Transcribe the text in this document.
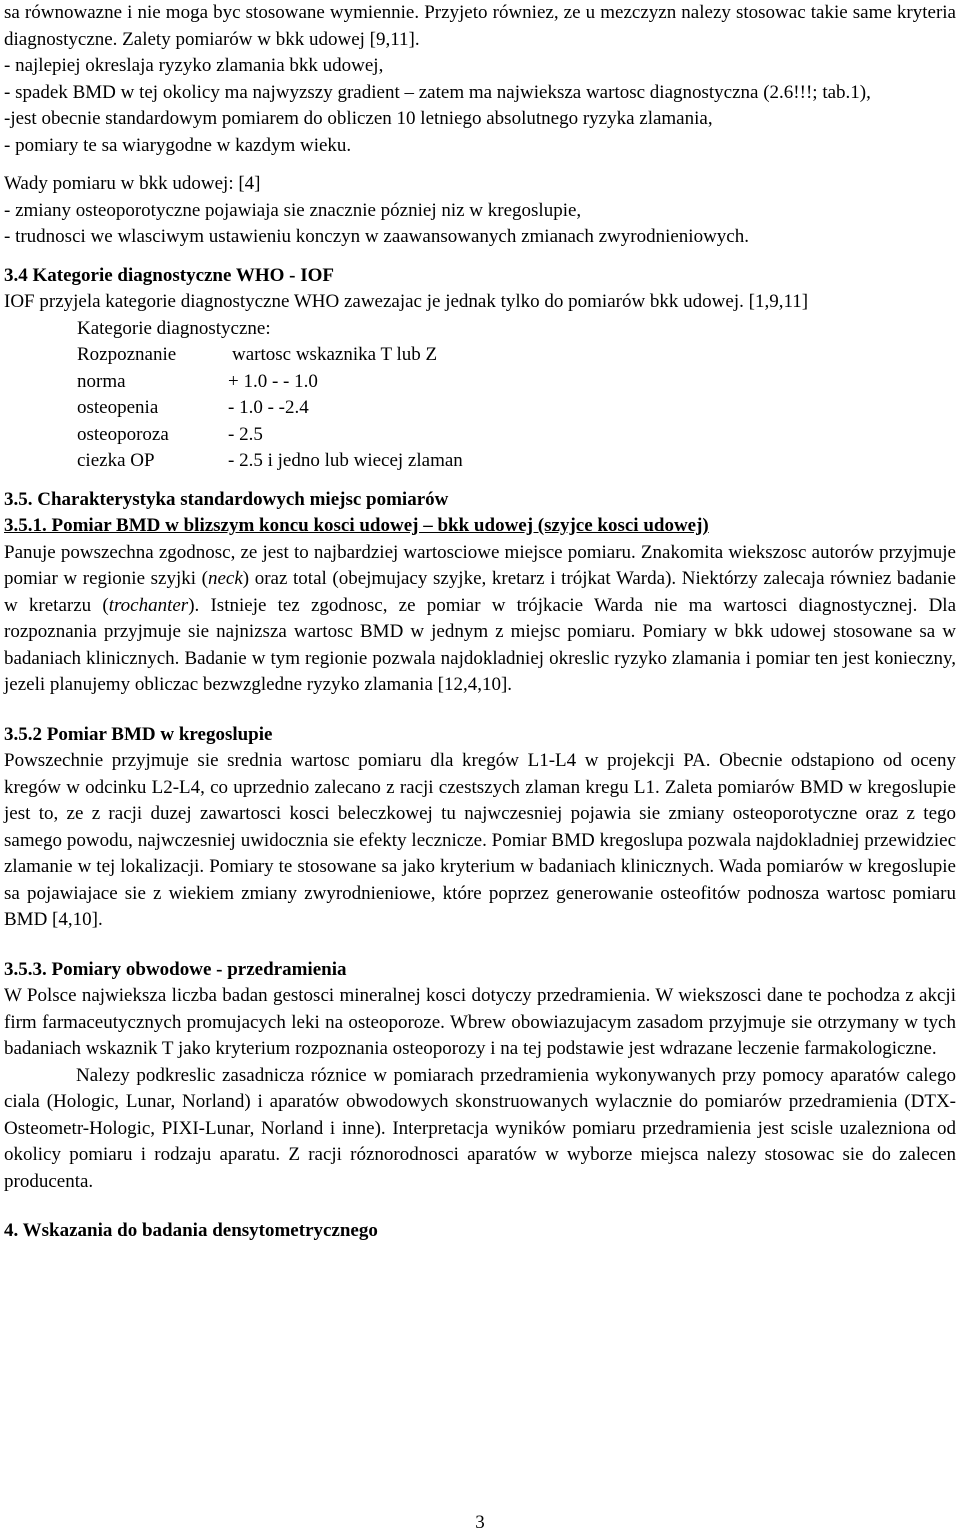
sa równowazne i nie moga byc stosowane wymiennie. Przyjeto równiez, ze u mezczyzn nalezy stosowac takie same kryteria diagnostyczne. Zalety pomiarów w bkk udowej [9,11].

- najlepiej okreslaja ryzyko zlamania bkk udowej,

- spadek BMD w tej okolicy ma najwyzszy gradient – zatem ma najwieksza wartosc diagnostyczna (2.6!!!; tab.1),

-jest obecnie standardowym pomiarem do obliczen 10 letniego absolutnego ryzyka zlamania,

- pomiary te sa wiarygodne w kazdym wieku.

Wady pomiaru w bkk udowej: [4]

- zmiany osteoporotyczne pojawiaja sie znacznie pózniej niz w kregoslupie,

- trudnosci we wlasciwym ustawieniu konczyn w zaawansowanych zmianach zwyrodnieniowych.

3.4 Kategorie diagnostyczne WHO - IOF

IOF przyjela kategorie diagnostyczne WHO zawezajac je jednak tylko do pomiarów bkk udowej. [1,9,11]

Kategorie diagnostyczne:
Rozpoznanie	wartosc wskaznika T lub Z
norma	+ 1.0 - - 1.0
osteopenia	- 1.0 - -2.4
osteoporoza	- 2.5
ciezka OP	- 2.5 i jedno lub wiecej zlaman

3.5. Charakterystyka standardowych miejsc pomiarów

3.5.1. Pomiar BMD w blizszym koncu kosci udowej – bkk udowej (szyjce kosci udowej)

Panuje powszechna zgodnosc, ze jest to najbardziej wartosciowe miejsce pomiaru. Znakomita wiekszosc autorów przyjmuje pomiar w regionie szyjki (neck) oraz total (obejmujacy szyjke, kretarz i trójkat Warda). Niektórzy zalecaja równiez badanie w kretarzu (trochanter). Istnieje tez zgodnosc, ze pomiar w trójkacie Warda nie ma wartosci diagnostycznej. Dla rozpoznania przyjmuje sie najnizsza wartosc BMD w jednym z miejsc pomiaru. Pomiary w bkk udowej stosowane sa w badaniach klinicznych. Badanie w tym regionie pozwala najdokladniej okreslic ryzyko zlamania i pomiar ten jest konieczny, jezeli planujemy obliczac bezwzgledne ryzyko zlamania [12,4,10].

3.5.2 Pomiar BMD w kregoslupie

Powszechnie przyjmuje sie srednia wartosc pomiaru dla kregów L1-L4 w projekcji PA. Obecnie odstapiono od oceny kregów w odcinku L2-L4, co uprzednio zalecano z racji czestszych zlaman kregu L1. Zaleta pomiarów BMD w kregoslupie jest to, ze z racji duzej zawartosci kosci beleczkowej tu najwczesniej pojawia sie zmiany osteoporotyczne oraz z tego samego powodu, najwczesniej uwidocznia sie efekty lecznicze. Pomiar BMD kregoslupa pozwala najdokladniej przewidziec zlamanie w tej lokalizacji. Pomiary te stosowane sa jako kryterium w badaniach klinicznych. Wada pomiarów w kregoslupie sa pojawiajace sie z wiekiem zmiany zwyrodnieniowe, które poprzez generowanie osteofitów podnosza wartosc pomiaru BMD [4,10].

3.5.3. Pomiary obwodowe - przedramienia

W Polsce najwieksza liczba badan gestosci mineralnej kosci dotyczy przedramienia. W wiekszosci dane te pochodza z akcji firm farmaceutycznych promujacych leki na osteoporoze. Wbrew obowiazujacym zasadom przyjmuje sie otrzymany w tych badaniach wskaznik T jako kryterium rozpoznania osteoporozy i na tej podstawie jest wdrazane leczenie farmakologiczne.

Nalezy podkreslic zasadnicza róznice w pomiarach przedramienia wykonywanych przy pomocy aparatów calego ciala (Hologic, Lunar, Norland) i aparatów obwodowych skonstruowanych wylacznie do pomiarów przedramienia (DTX-Osteometr-Hologic, PIXI-Lunar, Norland i inne). Interpretacja wyników pomiaru przedramienia jest scisle uzalezniona od okolicy pomiaru i rodzaju aparatu. Z racji róznorodnosci aparatów w wyborze miejsca nalezy stosowac sie do zalecen producenta.

4. Wskazania do badania densytometrycznego

3
